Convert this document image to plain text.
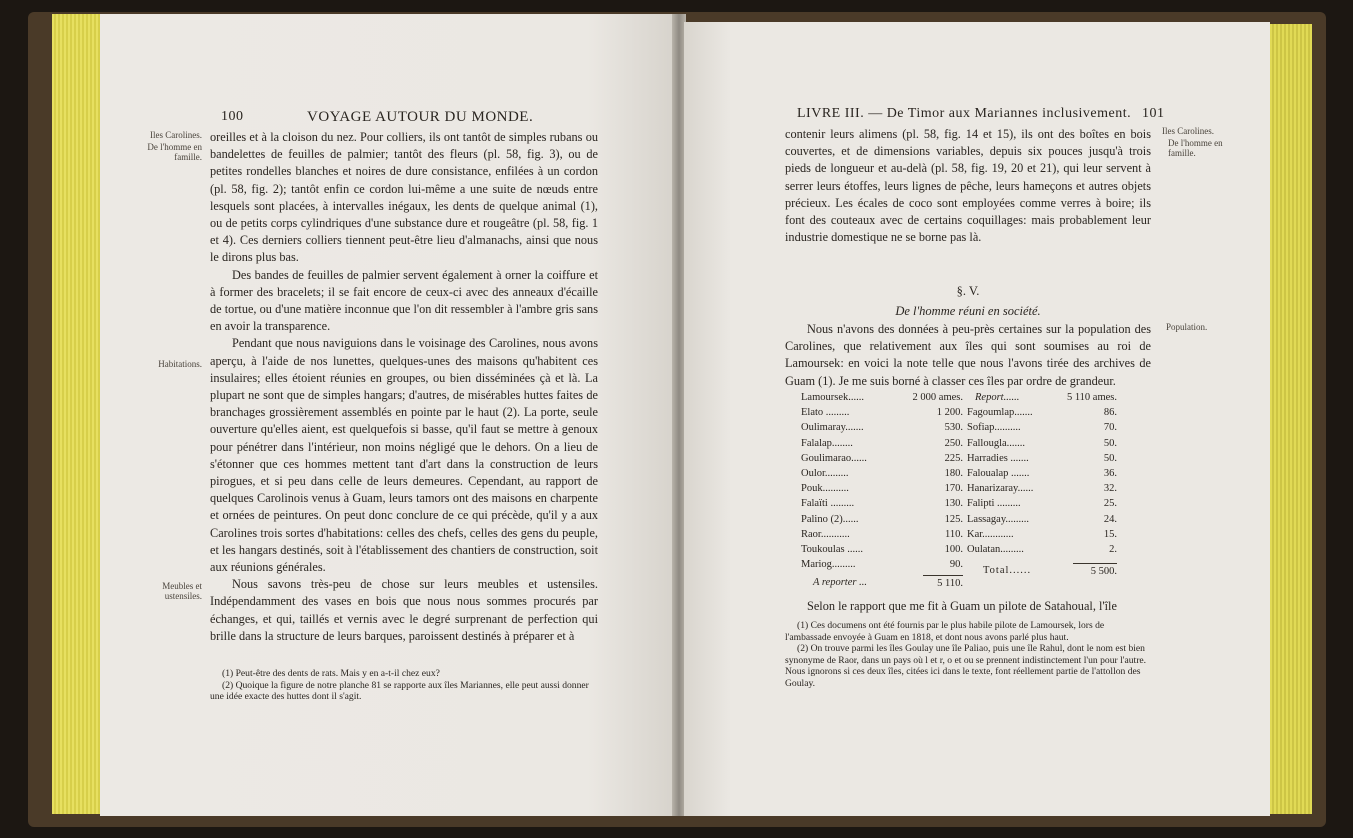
100	VOYAGE AUTOUR DU MONDE.
Iles Carolines.
De l'homme en famille.
Habitations.
Meubles et ustensiles.

oreilles et à la cloison du nez. Pour colliers, ils ont tantôt de simples rubans ou bandelettes de feuilles de palmier; tantôt des fleurs (pl. 58, fig. 3), ou de petites rondelles blanches et noires de dure consistance, enfilées à un cordon (pl. 58, fig. 2); tantôt enfin ce cordon lui-même a une suite de nœuds entre lesquels sont placées, à intervalles inégaux, les dents de quelque animal (1), ou de petits corps cylindriques d'une substance dure et rougeâtre (pl. 58, fig. 1 et 4). Ces derniers colliers tiennent peut-être lieu d'almanachs, ainsi que nous le dirons plus bas.

Des bandes de feuilles de palmier servent également à orner la coiffure et à former des bracelets; il se fait encore de ceux-ci avec des anneaux d'écaille de tortue, ou d'une matière inconnue que l'on dit ressembler à l'ambre gris sans en avoir la transparence.

Pendant que nous naviguions dans le voisinage des Carolines, nous avons aperçu, à l'aide de nos lunettes, quelques-unes des maisons qu'habitent ces insulaires; elles étoient réunies en groupes, ou bien disséminées çà et là. La plupart ne sont que de simples hangars; d'autres, de misérables huttes faites de branchages grossièrement assemblés en pointe par le haut (2). La porte, seule ouverture qu'elles aient, est quelquefois si basse, qu'il faut se mettre à genoux pour pénétrer dans l'intérieur, non moins négligé que le dehors. On a lieu de s'étonner que ces hommes mettent tant d'art dans la construction de leurs pirogues, et si peu dans celle de leurs demeures. Cependant, au rapport de quelques Carolinois venus à Guam, leurs tamors ont des maisons en charpente et ornées de peintures. On peut donc conclure de ce qui précède, qu'il y a aux Carolines trois sortes d'habitations: celles des chefs, celles des gens du peuple, et les hangars destinés, soit à l'établissement des chantiers de construction, soit aux réunions générales.

Nous savons très-peu de chose sur leurs meubles et ustensiles. Indépendamment des vases en bois que nous nous sommes procurés par échanges, et qui, taillés et vernis avec le degré surprenant de perfection qui brille dans la structure de leurs barques, paroissent destinés à préparer et à

(1) Peut-être des dents de rats. Mais y en a-t-il chez eux?
(2) Quoique la figure de notre planche 81 se rapporte aux îles Mariannes, elle peut aussi donner une idée exacte des huttes dont il s'agit.
LIVRE III. — De Timor aux Mariannes inclusivement. 101
Iles Carolines.
De l'homme en famille.
Population.

contenir leurs alimens (pl. 58, fig. 14 et 15), ils ont des boîtes en bois couvertes, et de dimensions variables, depuis six pouces jusqu'à trois pieds de longueur et au-delà (pl. 58, fig. 19, 20 et 21), qui leur servent à serrer leurs étoffes, leurs lignes de pêche, leurs hameçons et autres objets précieux. Les écales de coco sont employées comme verres à boire; ils font des couteaux avec de certains coquillages: mais probablement leur industrie domestique ne se borne pas là.

§. V.
De l'homme réuni en société.

Nous n'avons des données à peu-près certaines sur la population des Carolines, que relativement aux îles qui sont soumises au roi de Lamoursek: en voici la note telle que nous l'avons tirée des archives de Guam (1). Je me suis borné à classer ces îles par ordre de grandeur.

Lamoursek......	2 000 ames.
Elato .........	1 200.
Oulimaray.......	530.
Falalap........	250.
Goulimarao......	225.
Oulor.........	180.
Pouk..........	170.
Falaïti .........	130.
Palino (2)......	125.
Raor...........	110.
Toukoulas ......	100.
Mariog.........	90.
A reporter ...	5 110.
Report......	5 110 ames.
Fagoumlap.......	86.
Sofiap..........	70.
Fallougla.......	50.
Harradies .......	50.
Faloualap .......	36.
Hanarizaray......	32.
Falipti .........	25.
Lassagay.........	24.
Kar............	15.
Oulatan.........	2.
Total......	5 500.

Selon le rapport que me fit à Guam un pilote de Satahoual, l'île

(1) Ces documens ont été fournis par le plus habile pilote de Lamoursek, lors de l'ambassade envoyée à Guam en 1818, et dont nous avons parlé plus haut.
(2) On trouve parmi les îles Goulay une île Paliao, puis une île Rahul, dont le nom est bien synonyme de Raor, dans un pays où l et r, o et ou se prennent indistinctement l'un pour l'autre. Nous ignorons si ces deux îles, citées ici dans le texte, font réellement partie de l'attollon des Goulay.
